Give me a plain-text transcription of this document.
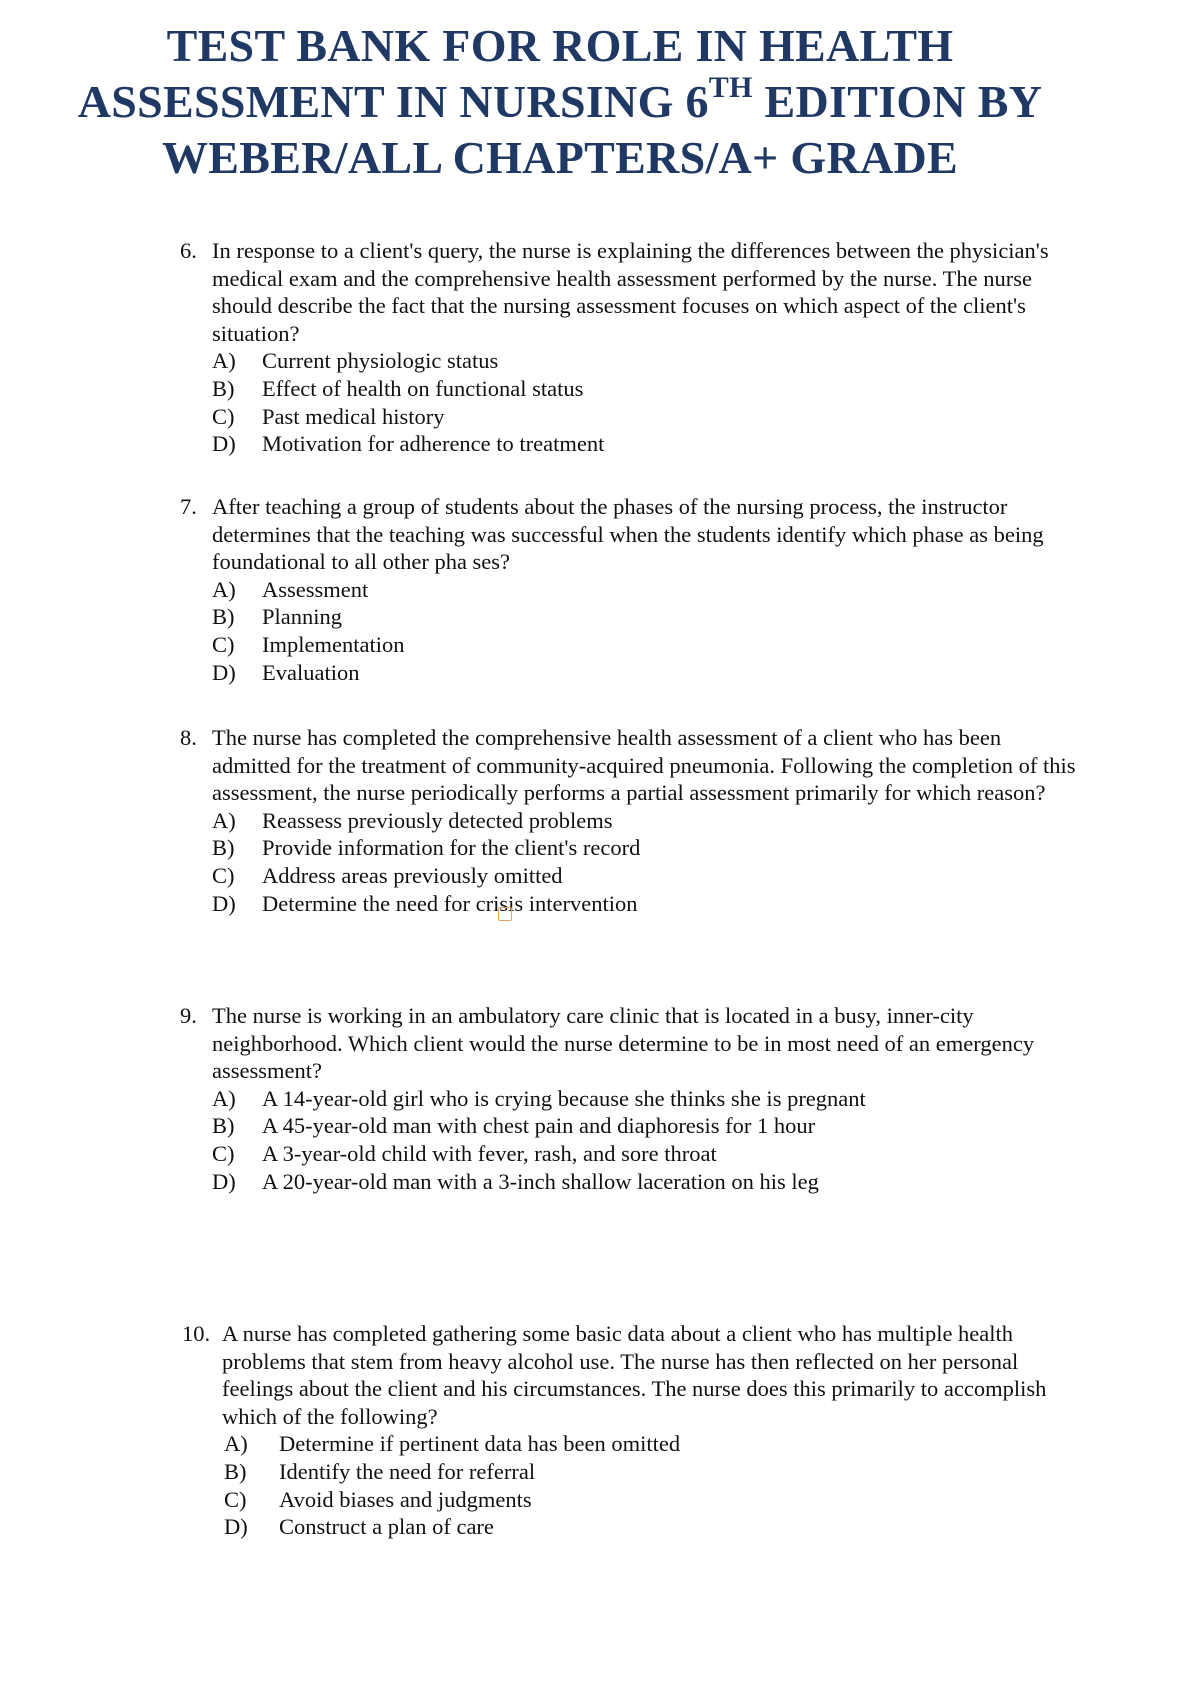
TEST BANK FOR ROLE IN HEALTH
ASSESSMENT IN NURSING 6TH EDITION BY
WEBER/ALL CHAPTERS/A+ GRADE
6. In response to a client's query, the nurse is explaining the differences between the physician's medical exam and the comprehensive health assessment performed by the nurse. The nurse should describe the fact that the nursing assessment focuses on which aspect of the client's situation?
A) Current physiologic status
B) Effect of health on functional status
C) Past medical history
D) Motivation for adherence to treatment
7. After teaching a group of students about the phases of the nursing process, the instructor determines that the teaching was successful when the students identify which phase as being foundational to all other pha ses?
A) Assessment
B) Planning
C) Implementation
D) Evaluation
8. The nurse has completed the comprehensive health assessment of a client who has been admitted for the treatment of community-acquired pneumonia. Following the completion of this assessment, the nurse periodically performs a partial assessment primarily for which reason?
A) Reassess previously detected problems
B) Provide information for the client's record
C) Address areas previously omitted
D) Determine the need for crisis intervention
9. The nurse is working in an ambulatory care clinic that is located in a busy, inner-city neighborhood. Which client would the nurse determine to be in most need of an emergency assessment?
A) A 14-year-old girl who is crying because she thinks she is pregnant
B) A 45-year-old man with chest pain and diaphoresis for 1 hour
C) A 3-year-old child with fever, rash, and sore throat
D) A 20-year-old man with a 3-inch shallow laceration on his leg
10. A nurse has completed gathering some basic data about a client who has multiple health problems that stem from heavy alcohol use. The nurse has then reflected on her personal feelings about the client and his circumstances. The nurse does this primarily to accomplish which of the following?
A) Determine if pertinent data has been omitted
B) Identify the need for referral
C) Avoid biases and judgments
D) Construct a plan of care
